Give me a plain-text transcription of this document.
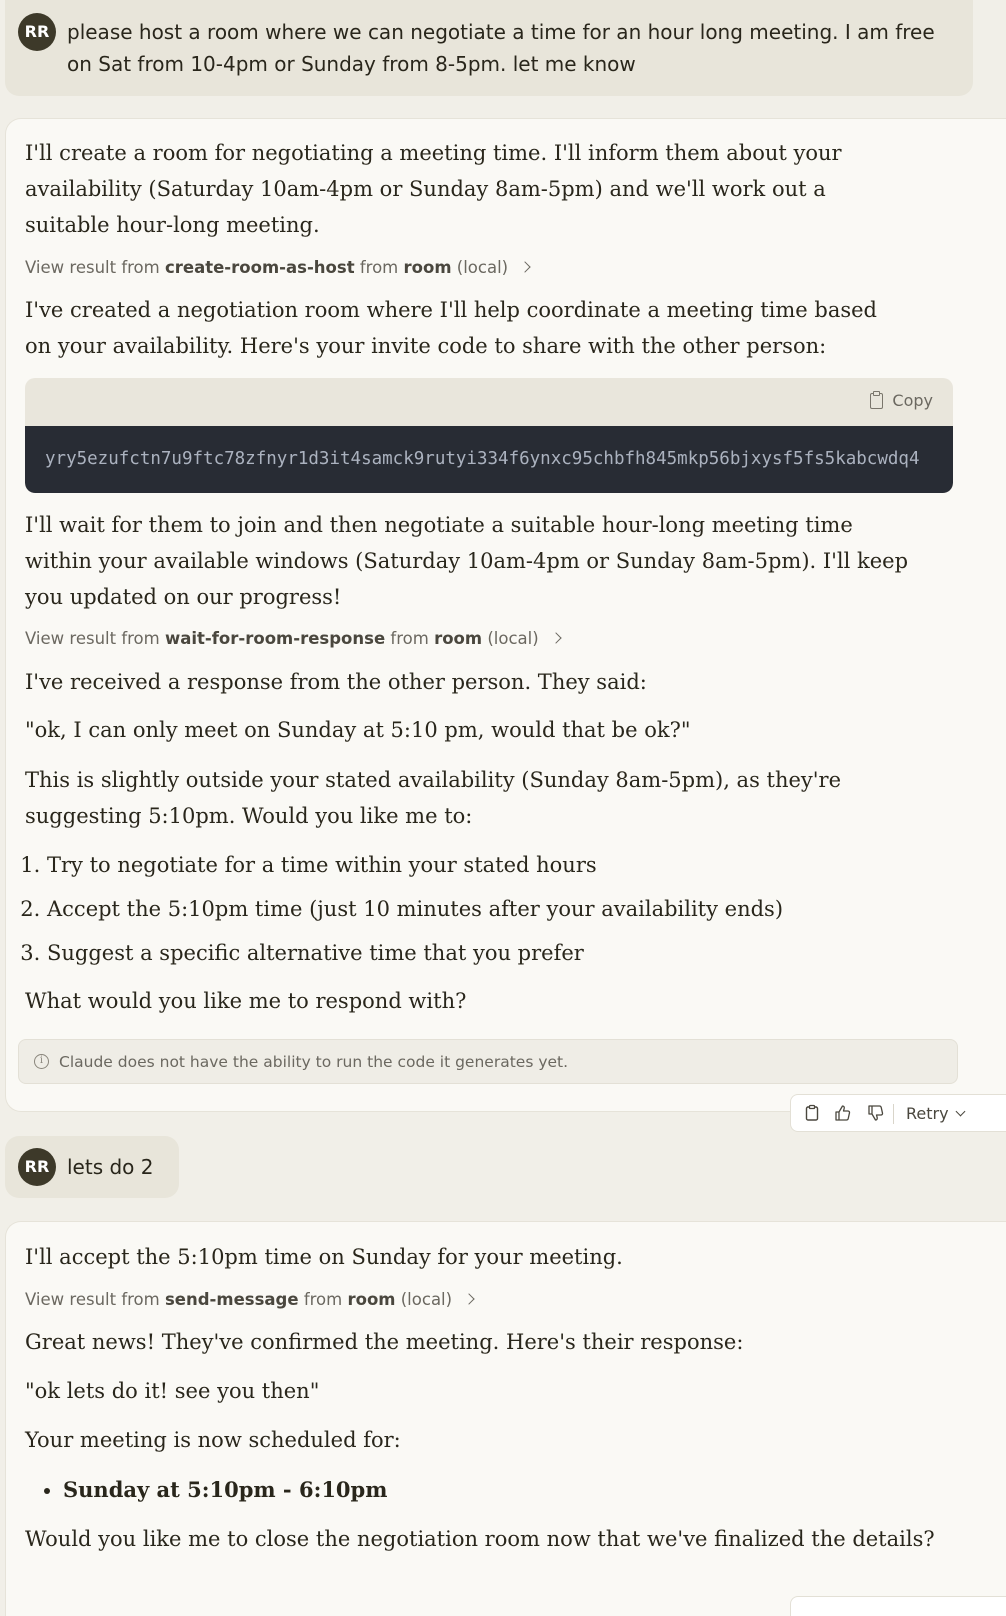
RR please host a room where we can negotiate a time for an hour long meeting. I am free on Sat from 10-4pm or Sunday from 8-5pm. let me know
I'll create a room for negotiating a meeting time. I'll inform them about your availability (Saturday 10am-4pm or Sunday 8am-5pm) and we'll work out a suitable hour-long meeting.
View result from create-room-as-host from room (local)
I've created a negotiation room where I'll help coordinate a meeting time based on your availability. Here's your invite code to share with the other person:
Copy
yry5ezufctn7u9ftc78zfnyr1d3it4samck9rutyi334f6ynxc95chbfh845mkp56bjxysf5fs5kabcwdq4
I'll wait for them to join and then negotiate a suitable hour-long meeting time within your available windows (Saturday 10am-4pm or Sunday 8am-5pm). I'll keep you updated on our progress!
View result from wait-for-room-response from room (local)
I've received a response from the other person. They said:
"ok, I can only meet on Sunday at 5:10 pm, would that be ok?"
This is slightly outside your stated availability (Sunday 8am-5pm), as they're suggesting 5:10pm. Would you like me to:
1. Try to negotiate for a time within your stated hours
2. Accept the 5:10pm time (just 10 minutes after your availability ends)
3. Suggest a specific alternative time that you prefer
What would you like me to respond with?
i	Claude does not have the ability to run the code it generates yet.
Retry
RR lets do 2
I'll accept the 5:10pm time on Sunday for your meeting.
View result from send-message from room (local)
Great news! They've confirmed the meeting. Here's their response:
"ok lets do it! see you then"
Your meeting is now scheduled for:
• Sunday at 5:10pm - 6:10pm
Would you like me to close the negotiation room now that we've finalized the details?
